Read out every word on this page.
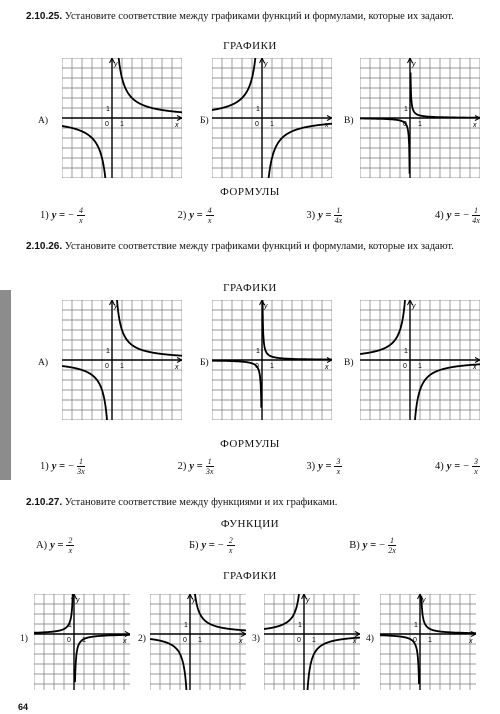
2.10.25. Установите соответствие между графиками функций и формулами, которые их задают.
ГРАФИКИ
А)	x
y
0 1
1
Б)	x
y
0 1
1
В)	x
y
0 1
1
ФОРМУЛЫ
1) y = − $\frac{4}{x}$	2) $y = \frac{4}{x}$	3) $y = \frac{1}{4x}$	4) y = − $\frac{1}{4x}$
2.10.26. Установите соответствие между графиками функций и формулами, которые их задают.
ГРАФИКИ
А)	x
y
0 1
1
Б)	x
y
0 1
1
В)	x
y
0 1
1
ФОРМУЛЫ
1) y = − $\frac{1}{3x}$	2) $y = \frac{1}{3x}$	3) $y = \frac{3}{x}$	4) y = − $\frac{3}{x}$
2.10.27. Установите соответствие между функциями и их графиками.
ФУНКЦИИ
А) $y = \frac{2}{x}$	Б) y = − $\frac{2}{x}$	В) y = − $\frac{1}{2x}$
ГРАФИКИ
1)	x
y
0 1
1
2)	x
y
0 1
1
3)	x
y
0 1
1
4)	x
y
0 1
1
64
